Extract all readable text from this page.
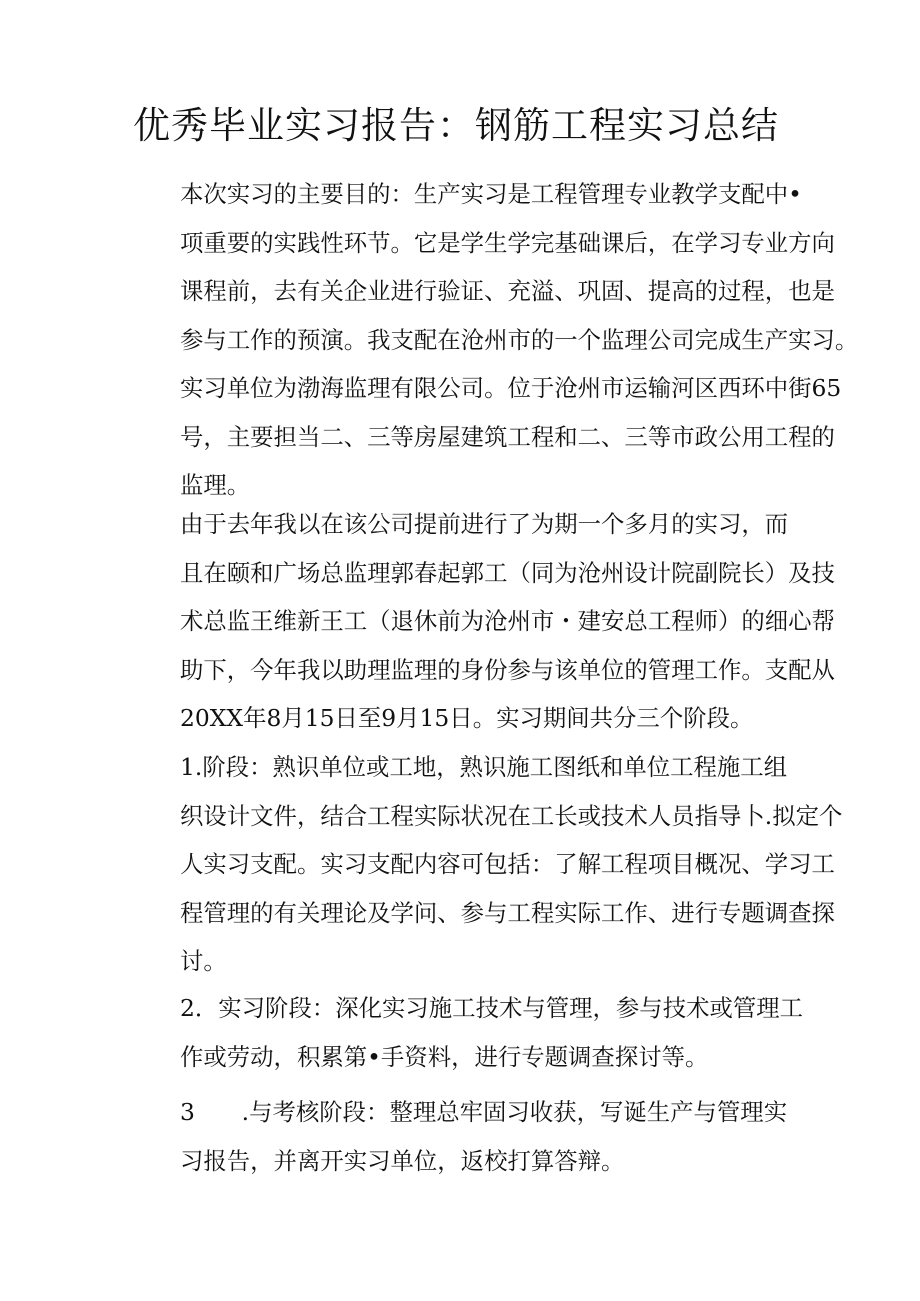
优秀毕业实习报告：钢筋工程实习总结

本次实习的主要目的：生产实习是工程管理专业教学支配中•
项重要的实践性环节。它是学生学完基础课后，在学习专业方向
课程前，去有关企业进行验证、充溢、巩固、提高的过程，也是
参与工作的预演。我支配在沧州市的一个监理公司完成生产实习。
实习单位为渤海监理有限公司。位于沧州市运输河区西环中街65
号，主要担当二、三等房屋建筑工程和二、三等市政公用工程的
监理。

由于去年我以在该公司提前进行了为期一个多月的实习，而
且在颐和广场总监理郭春起郭工（同为沧州设计院副院长）及技
术总监王维新王工（退休前为沧州市・建安总工程师）的细心帮
助下，今年我以助理监理的身份参与该单位的管理工作。支配从
20XX年8月15日至9月15日。实习期间共分三个阶段。

1.阶段：熟识单位或工地，熟识施工图纸和单位工程施工组
织设计文件，结合工程实际状况在工长或技术人员指导卜.拟定个
人实习支配。实习支配内容可包括：了解工程项目概况、学习工
程管理的有关理论及学问、参与工程实际工作、进行专题调查探
讨。

2．实习阶段：深化实习施工技术与管理，参与技术或管理工
作或劳动，积累第•手资料，进行专题调查探讨等。

3　　.与考核阶段：整理总牢固习收获，写诞生产与管理实
习报告，并离开实习单位，返校打算答辩。
